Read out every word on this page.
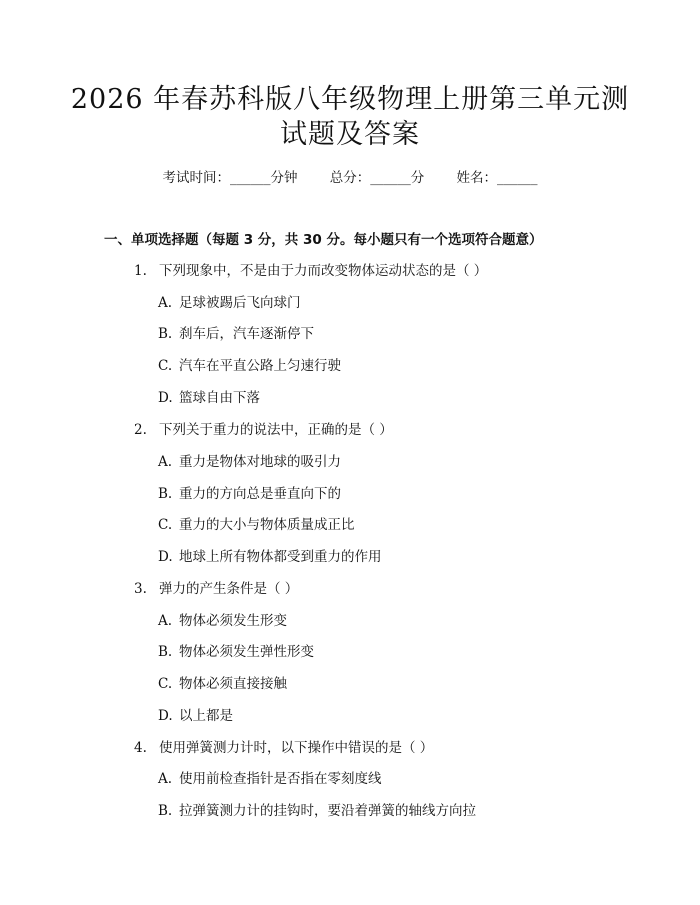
2026 年春苏科版八年级物理上册第三单元测
试题及答案
考试时间：______分钟 总分：______分 姓名：______
一、单项选择题（每题 3 分，共 30 分。每小题只有一个选项符合题意）
1. 下列现象中，不是由于力而改变物体运动状态的是（ ）
A. 足球被踢后飞向球门
B. 刹车后，汽车逐渐停下
C. 汽车在平直公路上匀速行驶
D. 篮球自由下落
2. 下列关于重力的说法中，正确的是（ ）
A. 重力是物体对地球的吸引力
B. 重力的方向总是垂直向下的
C. 重力的大小与物体质量成正比
D. 地球上所有物体都受到重力的作用
3. 弹力的产生条件是（ ）
A. 物体必须发生形变
B. 物体必须发生弹性形变
C. 物体必须直接接触
D. 以上都是
4. 使用弹簧测力计时，以下操作中错误的是（ ）
A. 使用前检查指针是否指在零刻度线
B. 拉弹簧测力计的挂钩时，要沿着弹簧的轴线方向拉
